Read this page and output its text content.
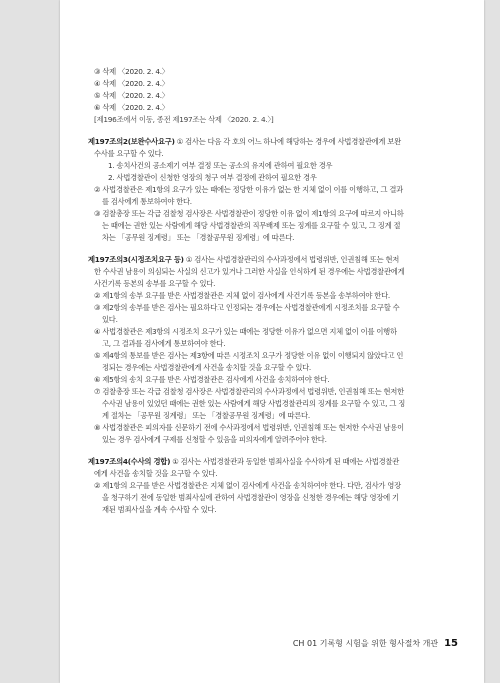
③ 삭제 〈2020. 2. 4.〉
④ 삭제 〈2020. 2. 4.〉
⑤ 삭제 〈2020. 2. 4.〉
⑥ 삭제 〈2020. 2. 4.〉
[제196조에서 이동, 종전 제197조는 삭제 〈2020. 2. 4.〉]
제197조의2(보완수사요구) ① 검사는 다음 각 호의 어느 하나에 해당하는 경우에 사법경찰관에게 보완
수사를 요구할 수 있다.
1. 송치사건의 공소제기 여부 결정 또는 공소의 유지에 관하여 필요한 경우
2. 사법경찰관이 신청한 영장의 청구 여부 결정에 관하여 필요한 경우
② 사법경찰관은 제1항의 요구가 있는 때에는 정당한 이유가 없는 한 지체 없이 이를 이행하고, 그 결과
를 검사에게 통보하여야 한다.
③ 검찰총장 또는 각급 검찰청 검사장은 사법경찰관이 정당한 이유 없이 제1항의 요구에 따르지 아니하
는 때에는 권한 있는 사람에게 해당 사법경찰관의 직무배제 또는 징계를 요구할 수 있고, 그 징계 절
차는 「공무원 징계령」 또는 「경찰공무원 징계령」에 따른다.
제197조의3(시정조치요구 등) ① 검사는 사법경찰관리의 수사과정에서 법령위반, 인권침해 또는 현저
한 수사권 남용이 의심되는 사실의 신고가 있거나 그러한 사실을 인식하게 된 경우에는 사법경찰관에게
사건기록 등본의 송부를 요구할 수 있다.
② 제1항의 송부 요구를 받은 사법경찰관은 지체 없이 검사에게 사건기록 등본을 송부하여야 한다.
③ 제2항의 송부를 받은 검사는 필요하다고 인정되는 경우에는 사법경찰관에게 시정조치를 요구할 수
있다.
④ 사법경찰관은 제3항의 시정조치 요구가 있는 때에는 정당한 이유가 없으면 지체 없이 이를 이행하
고, 그 결과를 검사에게 통보하여야 한다.
⑤ 제4항의 통보를 받은 검사는 제3항에 따른 시정조치 요구가 정당한 이유 없이 이행되지 않았다고 인
정되는 경우에는 사법경찰관에게 사건을 송치할 것을 요구할 수 있다.
⑥ 제5항의 송치 요구를 받은 사법경찰관은 검사에게 사건을 송치하여야 한다.
⑦ 검찰총장 또는 각급 검찰청 검사장은 사법경찰관리의 수사과정에서 법령위반, 인권침해 또는 현저한
수사권 남용이 있었던 때에는 권한 있는 사람에게 해당 사법경찰관리의 징계를 요구할 수 있고, 그 징
계 절차는 「공무원 징계령」 또는 「경찰공무원 징계령」에 따른다.
⑧ 사법경찰관은 피의자를 신문하기 전에 수사과정에서 법령위반, 인권침해 또는 현저한 수사권 남용이
있는 경우 검사에게 구제를 신청할 수 있음을 피의자에게 알려주어야 한다.
제197조의4(수사의 경합) ① 검사는 사법경찰관과 동일한 범죄사실을 수사하게 된 때에는 사법경찰관
에게 사건을 송치할 것을 요구할 수 있다.
② 제1항의 요구를 받은 사법경찰관은 지체 없이 검사에게 사건을 송치하여야 한다. 다만, 검사가 영장
을 청구하기 전에 동일한 범죄사실에 관하여 사법경찰관이 영장을 신청한 경우에는 해당 영장에 기
재된 범죄사실을 계속 수사할 수 있다.
CH 01 기록형 시험을 위한 형사절차 개관 15
